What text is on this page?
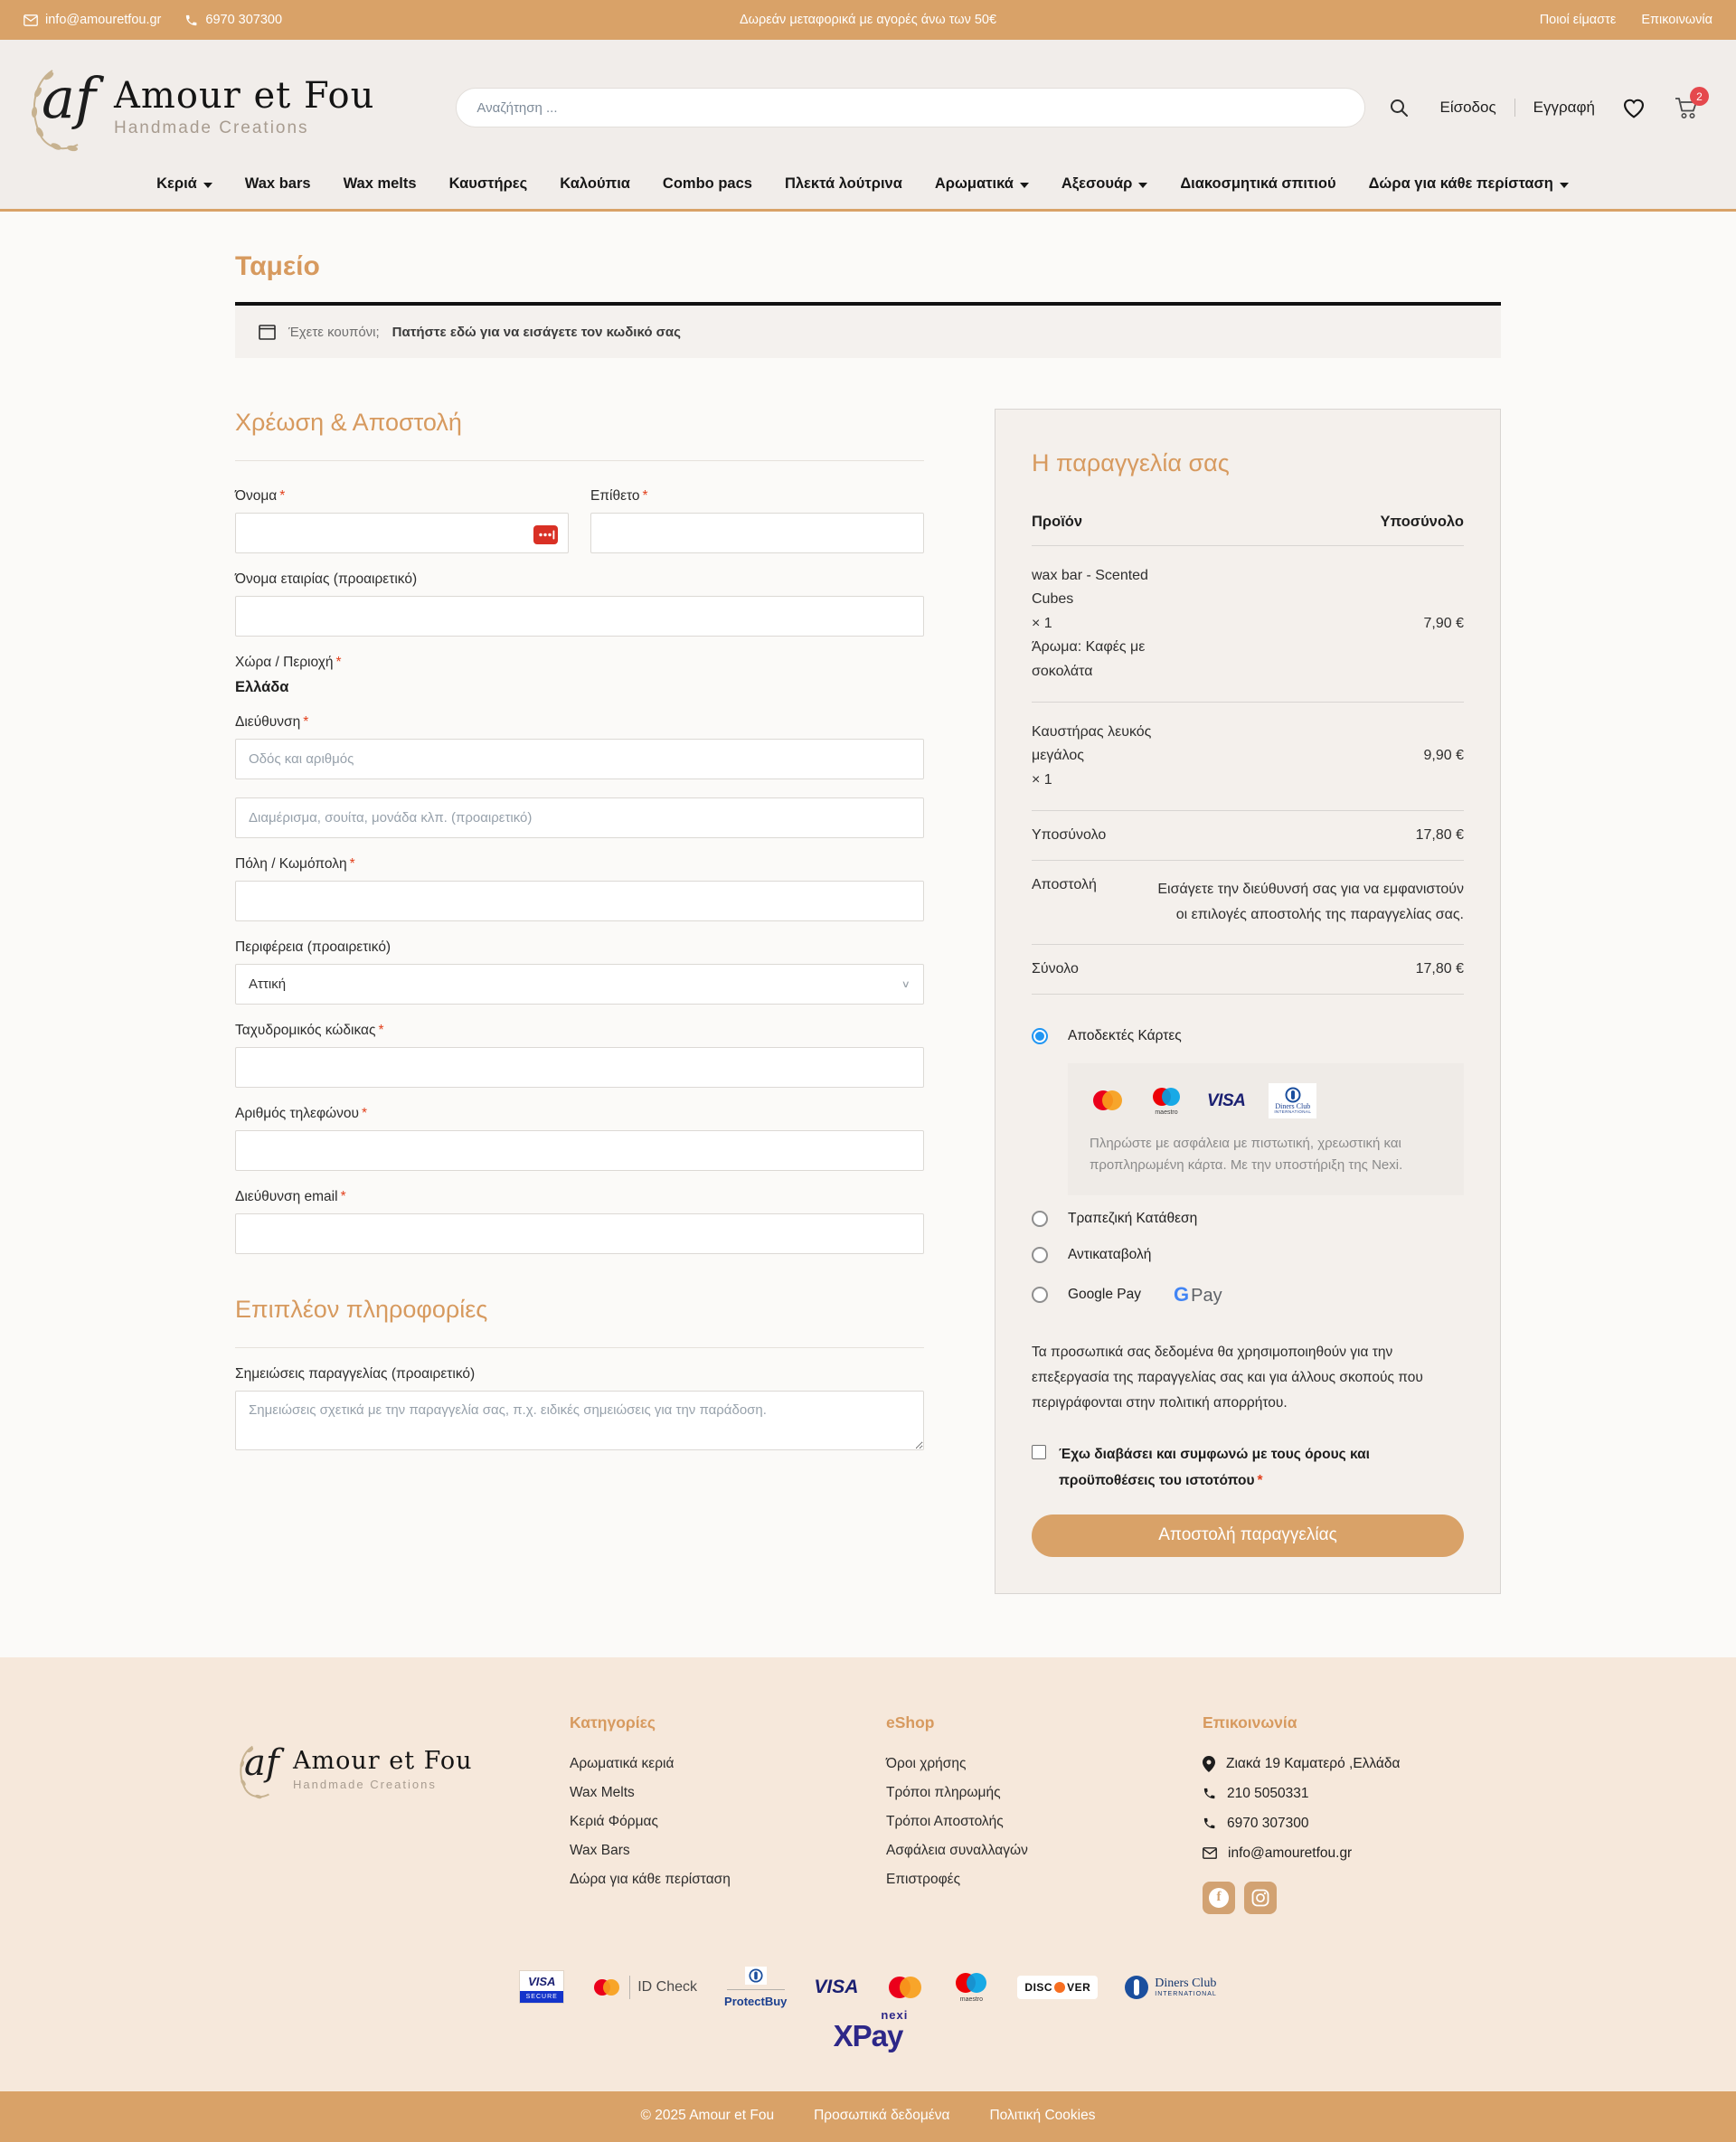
info@amouretfou.gr	6970 307300	Δωρεάν μεταφορικά με αγορές άνω των 50€	Ποιοί είμαστε Επικοινωνία
af Amour et Fou
Handmade Creations
Αναζήτηση ...
Είσοδος Εγγραφή
2
Κεριά	Wax bars Wax melts Καυστήρες Καλούπια Combo pacs Πλεκτά λούτρινα Αρωματικά	Αξεσουάρ	Διακοσμητικά σπιτιού Δώρα για κάθε περίσταση
Ταμείο
Έχετε κουπόνι; Πατήστε εδώ για να εισάγετε τον κωδικό σας
Χρέωση & Αποστολή
Όνομα *	Επίθετο *
Όνομα εταιρίας (προαιρετικό)
Χώρα / Περιοχή *
Ελλάδα
Διεύθυνση *
Οδός και αριθμός
Διαμέρισμα, σουίτα, μονάδα κλπ. (προαιρετικό)
Πόλη / Κωμόπολη *
Περιφέρεια (προαιρετικό)
Αττική	∨
Ταχυδρομικός κώδικας *
Αριθμός τηλεφώνου *
Διεύθυνση email *
Επιπλέον πληροφορίες
Σημειώσεις παραγγελίας (προαιρετικό)
Σημειώσεις σχετικά με την παραγγελία σας, π.χ. ειδικές σημειώσεις για την παράδοση.
Η παραγγελία σας
Προϊόν	Υποσύνολο
wax bar - Scented Cubes
× 1
Άρωμα: Καφές με σοκολάτα
7,90 €
Καυστήρας λευκός μεγάλος
× 1
9,90 €
Υποσύνολο	17,80 €
Αποστολή	Εισάγετε την διεύθυνσή σας για να εμφανιστούν οι επιλογές αποστολής της παραγγελίας σας.
Σύνολο	17,80 €
Αποδεκτές Κάρτες
maestro
VISA	Diners Club
INTERNATIONAL
Πληρώστε με ασφάλεια με πιστωτική, χρεωστική και προπληρωμένη κάρτα. Με την υποστήριξη της Nexi.
Τραπεζική Κατάθεση
Αντικαταβολή
Google Pay G Pay

Τα προσωπικά σας δεδομένα θα χρησιμοποιηθούν για την επεξεργασία της παραγγελίας σας και για άλλους σκοπούς που περιγράφονται στην πολιτική απορρήτου.

Έχω διαβάσει και συμφωνώ με τους όρους και προϋποθέσεις του ιστοτόπου *
Αποστολή παραγγελίας
af Amour et Fou
Handmade Creations
Κατηγορίες
Αρωματικά κεριά
Wax Melts
Κεριά Φόρμας
Wax Bars
Δώρα για κάθε περίσταση
eShop
Όροι χρήσης
Τρόποι πληρωμής
Τρόποι Αποστολής
Ασφάλεια συναλλαγών
Επιστροφές
Επικοινωνία
Ζιακά 19 Καματερό ,Ελλάδα
210 5050331
6970 307300
info@amouretfou.gr
f
VISA
SECURE
ID Check
ProtectBuy
VISA
maestro
DISC VER	Diners Club
INTERNATIONAL
nexi
XPay
© 2025 Amour et Fou	Προσωπικά δεδομένα	Πολιτική Cookies
